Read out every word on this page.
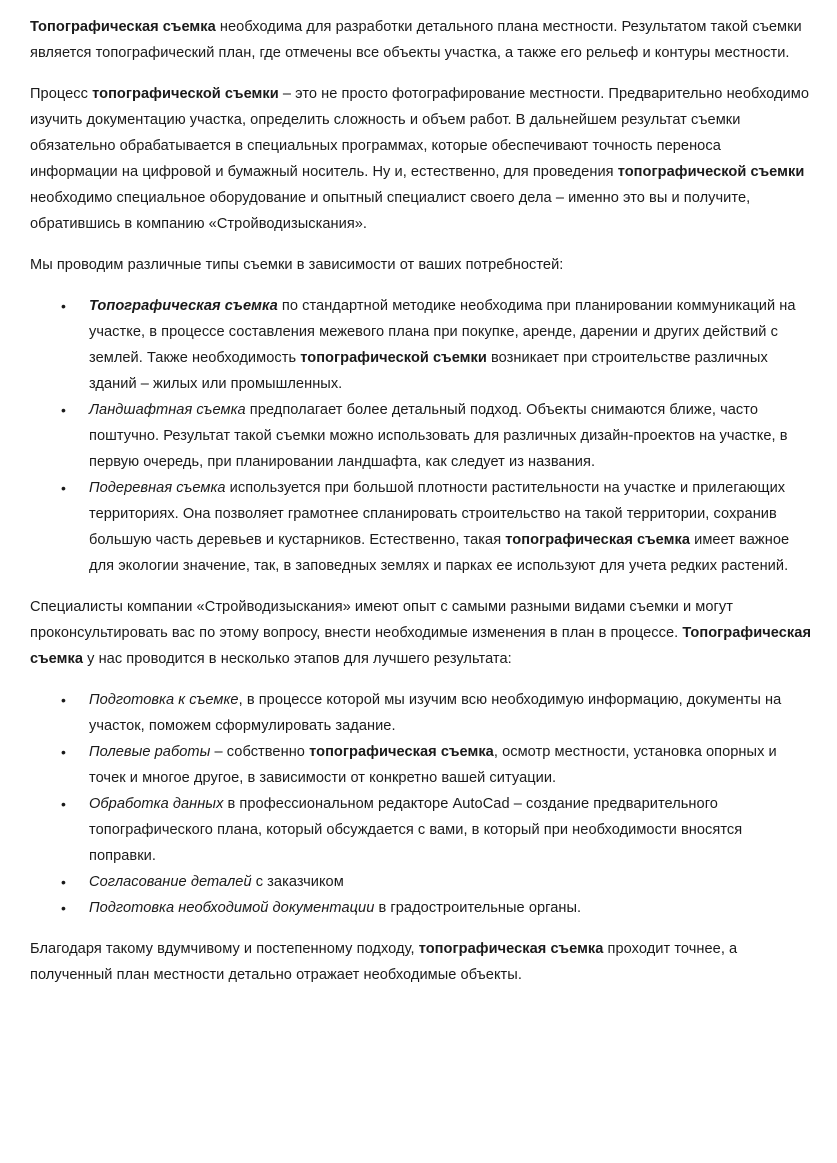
Топографическая съемка необходима для разработки детального плана местности. Результатом такой съемки является топографический план, где отмечены все объекты участка, а также его рельеф и контуры местности.

Процесс топографической съемки – это не просто фотографирование местности. Предварительно необходимо изучить документацию участка, определить сложность и объем работ. В дальнейшем результат съемки обязательно обрабатывается в специальных программах, которые обеспечивают точность переноса информации на цифровой и бумажный носитель. Ну и, естественно, для проведения топографической съемки необходимо специальное оборудование и опытный специалист своего дела – именно это вы и получите, обратившись в компанию «Стройводизыскания».

Мы проводим различные типы съемки в зависимости от ваших потребностей:

• Топографическая съемка по стандартной методике необходима при планировании коммуникаций на участке, в процессе составления межевого плана при покупке, аренде, дарении и других действий с землей. Также необходимость топографической съемки возникает при строительстве различных зданий – жилых или промышленных.
• Ландшафтная съемка предполагает более детальный подход. Объекты снимаются ближе, часто поштучно. Результат такой съемки можно использовать для различных дизайн-проектов на участке, в первую очередь, при планировании ландшафта, как следует из названия.
• Подеревная съемка используется при большой плотности растительности на участке и прилегающих территориях. Она позволяет грамотнее спланировать строительство на такой территории, сохранив большую часть деревьев и кустарников. Естественно, такая топографическая съемка имеет важное для экологии значение, так, в заповедных землях и парках ее используют для учета редких растений.

Специалисты компании «Стройводизыскания» имеют опыт с самыми разными видами съемки и могут проконсультировать вас по этому вопросу, внести необходимые изменения в план в процессе. Топографическая съемка у нас проводится в несколько этапов для лучшего результата:

• Подготовка к съемке, в процессе которой мы изучим всю необходимую информацию, документы на участок, поможем сформулировать задание.
• Полевые работы – собственно топографическая съемка, осмотр местности, установка опорных и точек и многое другое, в зависимости от конкретно вашей ситуации.
• Обработка данных в профессиональном редакторе AutoCad – создание предварительного топографического плана, который обсуждается с вами, в который при необходимости вносятся поправки.
• Согласование деталей с заказчиком
• Подготовка необходимой документации в градостроительные органы.

Благодаря такому вдумчивому и постепенному подходу, топографическая съемка проходит точнее, а полученный план местности детально отражает необходимые объекты.
